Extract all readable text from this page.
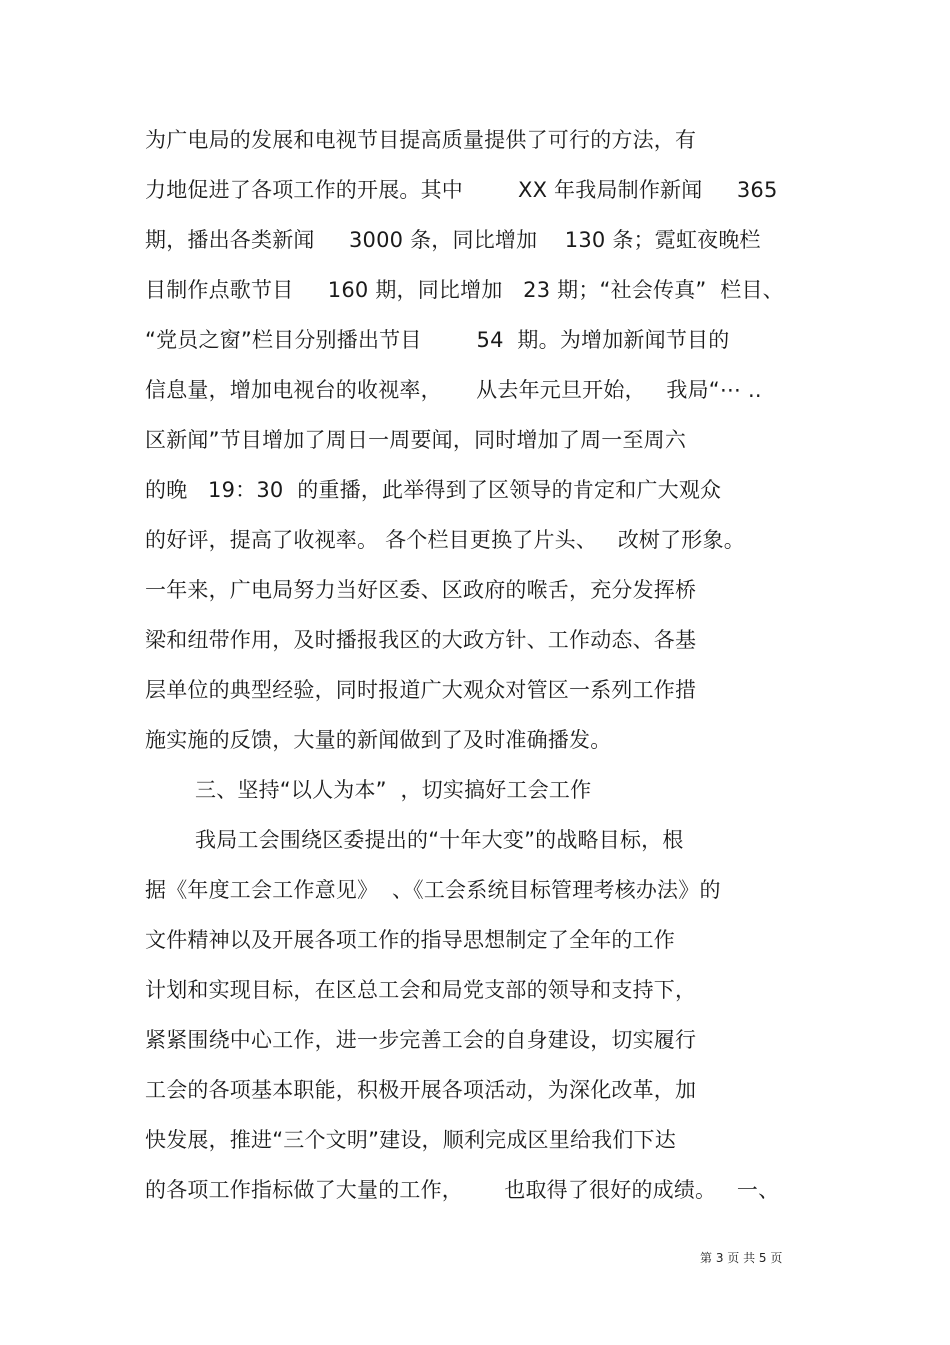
为广电局的发展和电视节目提高质量提供了可行的方法，有
力地促进了各项工作的开展。其中        XX 年我局制作新闻     365
期，播出各类新闻     3000 条，同比增加    130 条；霓虹夜晚栏
目制作点歌节目     160 期，同比增加   23 期；“社会传真”  栏目、
“党员之窗”栏目分别播出节目        54  期。为增加新闻节目的
信息量，增加电视台的收视率，     从去年元旦开始，   我局“⋯ ..
区新闻”节目增加了周日一周要闻，同时增加了周一至周六
的晚   19：30  的重播，此举得到了区领导的肯定和广大观众
的好评，提高了收视率。 各个栏目更换了片头、   改树了形象。
一年来，广电局努力当好区委、区政府的喉舌，充分发挥桥
梁和纽带作用，及时播报我区的大政方针、工作动态、各基
层单位的典型经验，同时报道广大观众对管区一系列工作措
施实施的反馈，大量的新闻做到了及时准确播发。
三、坚持“以人为本”  ，切实搞好工会工作
我局工会围绕区委提出的“十年大变”的战略目标，根
据《年度工会工作意见》  、《工会系统目标管理考核办法》的
文件精神以及开展各项工作的指导思想制定了全年的工作
计划和实现目标，在区总工会和局党支部的领导和支持下，
紧紧围绕中心工作，进一步完善工会的自身建设，切实履行
工会的各项基本职能，积极开展各项活动，为深化改革，加
快发展，推进“三个文明”建设，顺利完成区里给我们下达
的各项工作指标做了大量的工作，      也取得了很好的成绩。   一、
第 3 页 共 5 页
